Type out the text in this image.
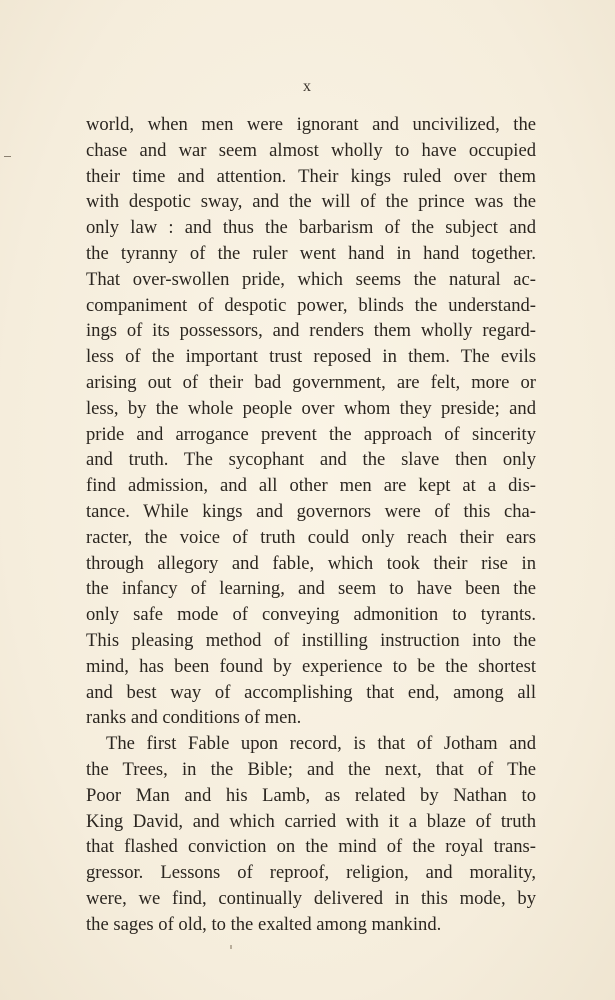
x
world, when men were ignorant and uncivilized, the
chase and war seem almost wholly to have occupied
their time and attention. Their kings ruled over them
with despotic sway, and the will of the prince was the
only law : and thus the barbarism of the subject and
the tyranny of the ruler went hand in hand together.
That over-swollen pride, which seems the natural ac-
companiment of despotic power, blinds the understand-
ings of its possessors, and renders them wholly regard-
less of the important trust reposed in them. The evils
arising out of their bad government, are felt, more or
less, by the whole people over whom they preside; and
pride and arrogance prevent the approach of sincerity
and truth. The sycophant and the slave then only
find admission, and all other men are kept at a dis-
tance. While kings and governors were of this cha-
racter, the voice of truth could only reach their ears
through allegory and fable, which took their rise in
the infancy of learning, and seem to have been the
only safe mode of conveying admonition to tyrants.
This pleasing method of instilling instruction into the
mind, has been found by experience to be the shortest
and best way of accomplishing that end, among all
ranks and conditions of men.
The first Fable upon record, is that of Jotham and
the Trees, in the Bible; and the next, that of The
Poor Man and his Lamb, as related by Nathan to
King David, and which carried with it a blaze of truth
that flashed conviction on the mind of the royal trans-
gressor. Lessons of reproof, religion, and morality,
were, we find, continually delivered in this mode, by
the sages of old, to the exalted among mankind.
